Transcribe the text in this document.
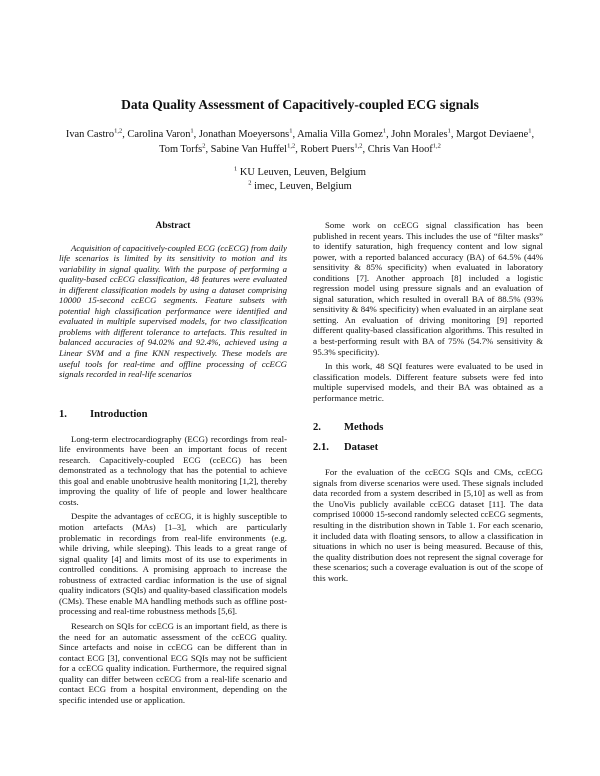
Data Quality Assessment of Capacitively-coupled ECG signals
Ivan Castro$^{1,2}$, Carolina Varon$^1$, Jonathan Moeyersons$^1$, Amalia Villa Gomez$^1$, John Morales$^1$, Margot Deviaene$^1$, Tom Torfs$^2$, Sabine Van Huffel$^{1,2}$, Robert Puers$^{1,2}$, Chris Van Hoof$^{1,2}$
$^1$ KU Leuven, Leuven, Belgium
$^2$ imec, Leuven, Belgium
Abstract

Acquisition of capacitively-coupled ECG (ccECG) from daily life scenarios is limited by its sensitivity to motion and its variability in signal quality. With the purpose of performing a quality-based ccECG classification, 48 features were evaluated in different classification models by using a dataset comprising 10000 15-second ccECG segments. Feature subsets with potential high classification performance were identified and evaluated in multiple supervised models, for two classification problems with different tolerance to artefacts. This resulted in balanced accuracies of 94.02% and 92.4%, achieved using a Linear SVM and a fine KNN respectively. These models are useful tools for real-time and offline processing of ccECG signals recorded in real-life scenarios

1. Introduction

Long-term electrocardiography (ECG) recordings from real-life environments have been an important focus of recent research. Capacitively-coupled ECG (ccECG) has been demonstrated as a technology that has the potential to achieve this goal and enable unobtrusive health monitoring [1,2], thereby improving the quality of life of people and lower healthcare costs.

Despite the advantages of ccECG, it is highly susceptible to motion artefacts (MAs) [1–3], which are particularly problematic in recordings from real-life environments (e.g. while driving, while sleeping). This leads to a great range of signal quality [4] and limits most of its use to experiments in controlled conditions. A promising approach to increase the robustness of extracted cardiac information is the use of signal quality indicators (SQIs) and quality-based classification models (CMs). These enable MA handling methods such as offline post-processing and real-time robustness methods [5,6].

Research on SQIs for ccECG is an important field, as there is the need for an automatic assessment of the ccECG quality. Since artefacts and noise in ccECG can be different than in contact ECG [3], conventional ECG SQIs may not be sufficient for a ccECG quality indication. Furthermore, the required signal quality can differ between ccECG from a real-life scenario and contact ECG from a hospital environment, depending on the specific intended use or application.

Some work on ccECG signal classification has been published in recent years. This includes the use of “filter masks” to identify saturation, high frequency content and low signal power, with a reported balanced accuracy (BA) of 64.5% (44% sensitivity & 85% specificity) when evaluated in laboratory conditions [7]. Another approach [8] included a logistic regression model using pressure signals and an evaluation of signal saturation, which resulted in overall BA of 88.5% (93% sensitivity & 84% specificity) when evaluated in an airplane seat setting. An evaluation of driving monitoring [9] reported different quality-based classification algorithms. This resulted in a best-performing result with BA of 75% (54.7% sensitivity & 95.3% specificity).

In this work, 48 SQI features were evaluated to be used in classification models. Different feature subsets were fed into multiple supervised models, and their BA was obtained as a performance metric.

2. Methods
2.1. Dataset

For the evaluation of the ccECG SQIs and CMs, ccECG signals from diverse scenarios were used. These signals included data recorded from a system described in [5,10] as well as from the UnoVis publicly available ccECG dataset [11]. The data comprised 10000 15-second randomly selected ccECG segments, resulting in the distribution shown in Table 1. For each scenario, it included data with floating sensors, to allow a classification in situations in which no user is being measured. Because of this, the quality distribution does not represent the signal coverage for these scenarios; such a coverage evaluation is out of the scope of this work.
